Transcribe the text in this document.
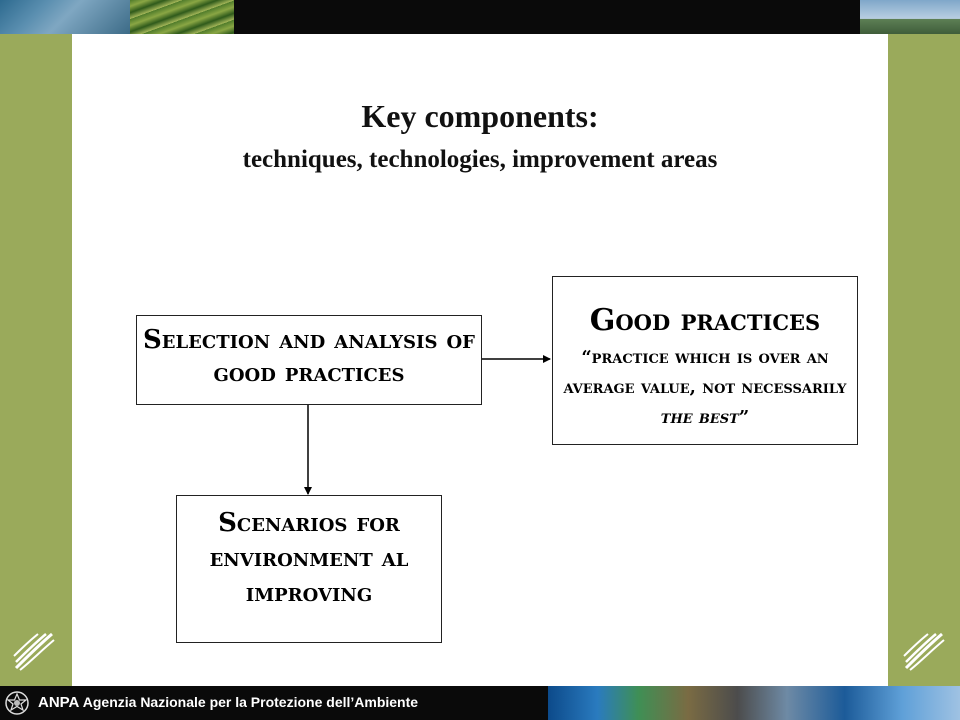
Key components:
techniques, technologies, improvement areas
Selection and analysis of good practices
Good practices
“practice which is over an average value, not necessarily the best”
Scenarios for environment al improving
ANPA Agenzia Nazionale per la Protezione dell’Ambiente
